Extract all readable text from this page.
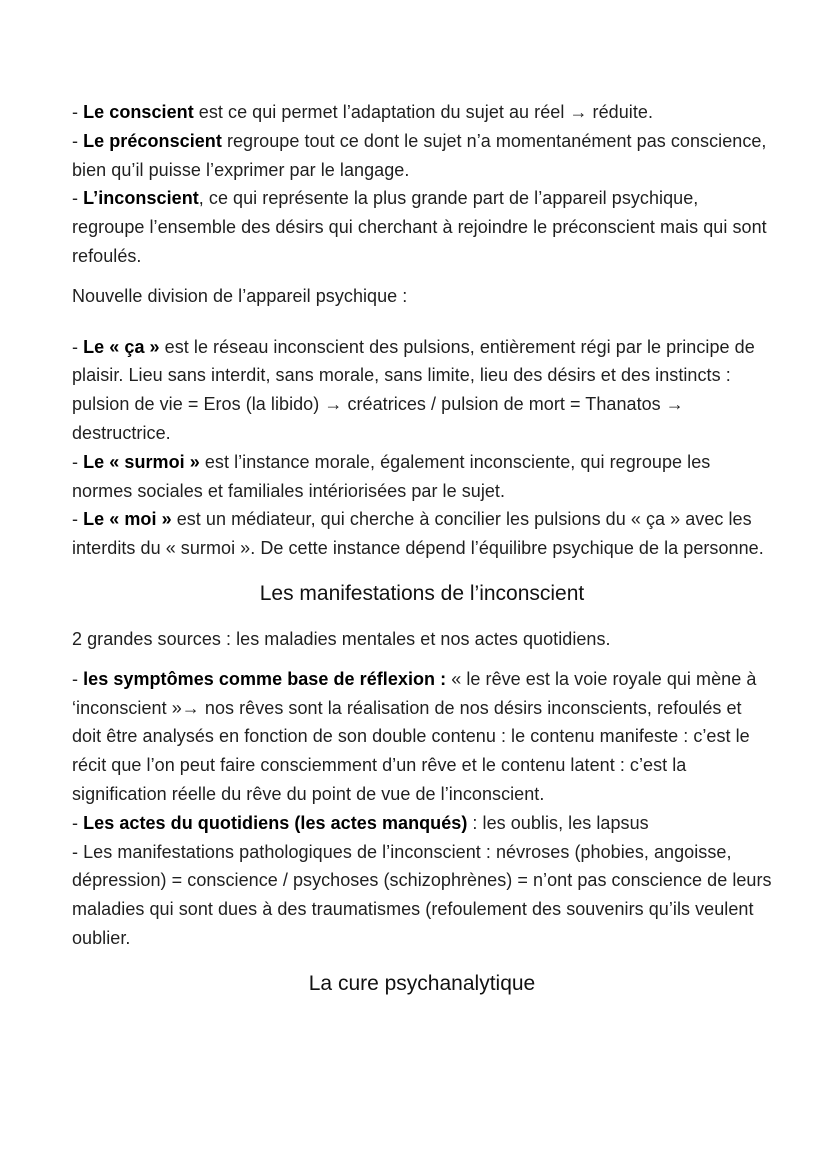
- Le conscient est ce qui permet l’adaptation du sujet au réel → réduite.

- Le préconscient regroupe tout ce dont le sujet n’a momentanément pas conscience, bien qu’il puisse l’exprimer par le langage.

- L’inconscient, ce qui représente la plus grande part de l’appareil psychique, regroupe l’ensemble des désirs qui cherchant à rejoindre le préconscient mais qui sont refoulés.

Nouvelle division de l’appareil psychique :

- Le « ça » est le réseau inconscient des pulsions, entièrement régi par le principe de plaisir. Lieu sans interdit, sans morale, sans limite, lieu des désirs et des instincts : pulsion de vie = Eros (la libido) → créatrices / pulsion de mort = Thanatos → destructrice.

- Le « surmoi » est l’instance morale, également inconsciente, qui regroupe les normes sociales et familiales intériorisées par le sujet.

- Le « moi » est un médiateur, qui cherche à concilier les pulsions du « ça » avec les interdits du « surmoi ». De cette instance dépend l’équilibre psychique de la personne.

Les manifestations de l’inconscient

2 grandes sources : les maladies mentales et nos actes quotidiens.

- les symptômes comme base de réflexion : « le rêve est la voie royale qui mène à ‘inconscient »→ nos rêves sont la réalisation de nos désirs inconscients, refoulés et doit être analysés en fonction de son double contenu : le contenu manifeste : c’est le récit que l’on peut faire consciemment d’un rêve et le contenu latent : c’est la signification réelle du rêve du point de vue de l’inconscient.

- Les actes du quotidiens (les actes manqués) : les oublis, les lapsus

- Les manifestations pathologiques de l’inconscient : névroses (phobies, angoisse, dépression) = conscience / psychoses (schizophrènes) = n’ont pas conscience de leurs maladies qui sont dues à des traumatismes (refoulement des souvenirs qu’ils veulent oublier.

La cure psychanalytique
